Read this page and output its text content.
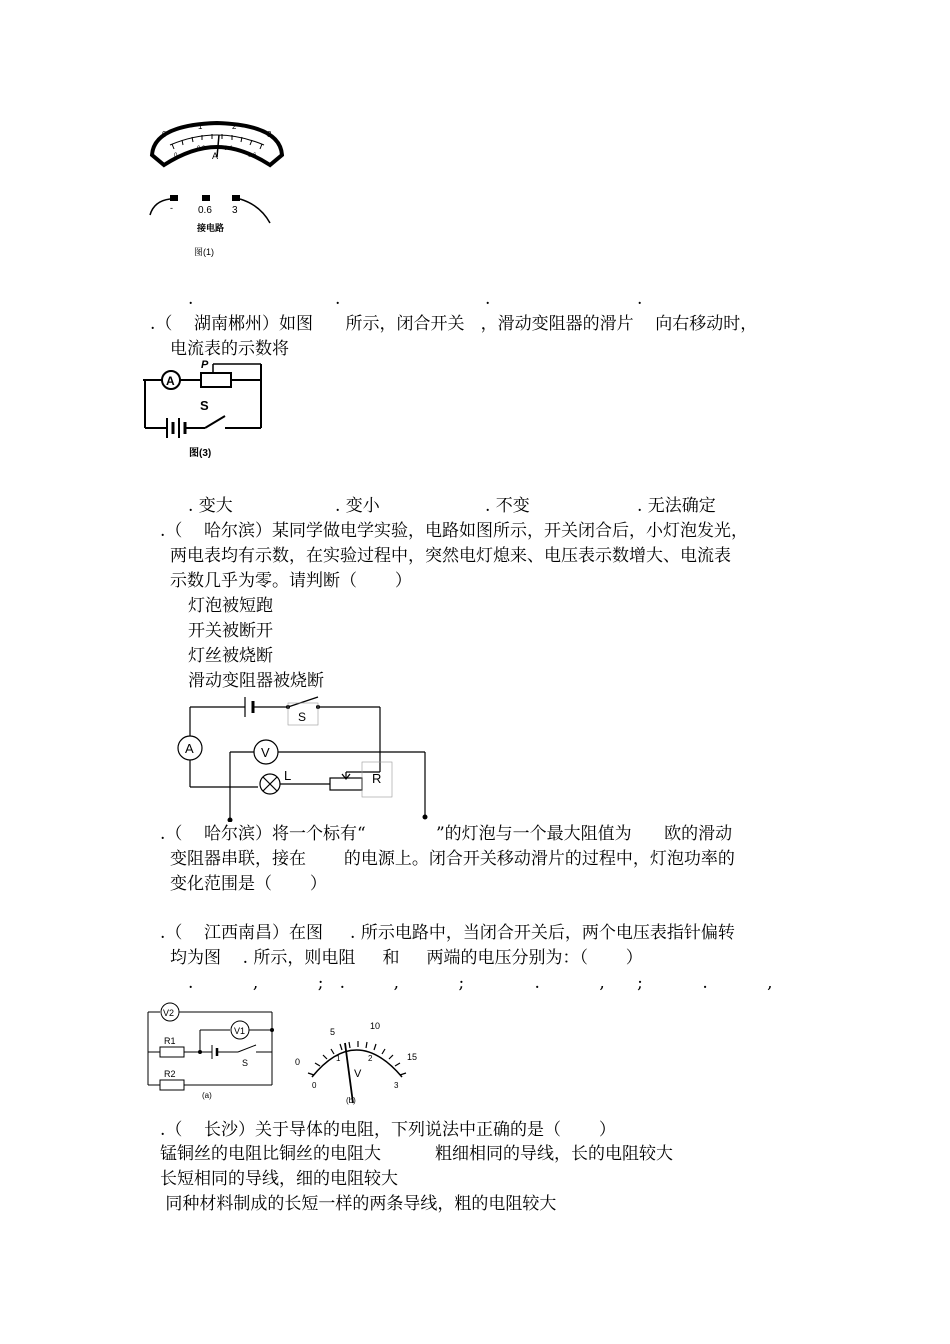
0
1	2
3
0
0.2	0.4
0.6
A
-	0.6 3
接电路
图(1)
.	.	.	.
.（    湖南郴州）如图      所示，闭合开关   ，滑动变阻器的滑片    向右移动时，
电流表的示数将
A
P
S
图(3)
. 变大	. 变小	. 不变	. 无法确定
.（    哈尔滨）某同学做电学实验，电路如图所示，开关闭合后，小灯泡发光，
两电表均有示数，在实验过程中，突然电灯熄来、电压表示数增大、电流表
示数几乎为零。请判断（       ）
灯泡被短跑
开关被断开
灯丝被烧断
滑动变阻器被烧断
S
A
L	R
V
.（    哈尔滨）将一个标有“             ”的灯泡与一个最大阻值为      欧的滑动
变阻器串联，接在       的电源上。闭合开关移动滑片的过程中，灯泡功率的
变化范围是（       ）
.（    江西南昌）在图     . 所示电路中，当闭合开关后，两个电压表指针偏转
均为图    . 所示，则电阻     和     两端的电压分别为：（       ）
.           ,           ;   .         ,           ;             .           ,      ;           .           ,
V2
V1
R1
S
R2
(a)
0
5
10
15
0
1	2
3
V
(b)
.（    长沙）关于导体的电阻，下列说法中正确的是（       ）
锰铜丝的电阻比铜丝的电阻大          粗细相同的导线，长的电阻较大
长短相同的导线，细的电阻较大
同种材料制成的长短一样的两条导线，粗的电阻较大
